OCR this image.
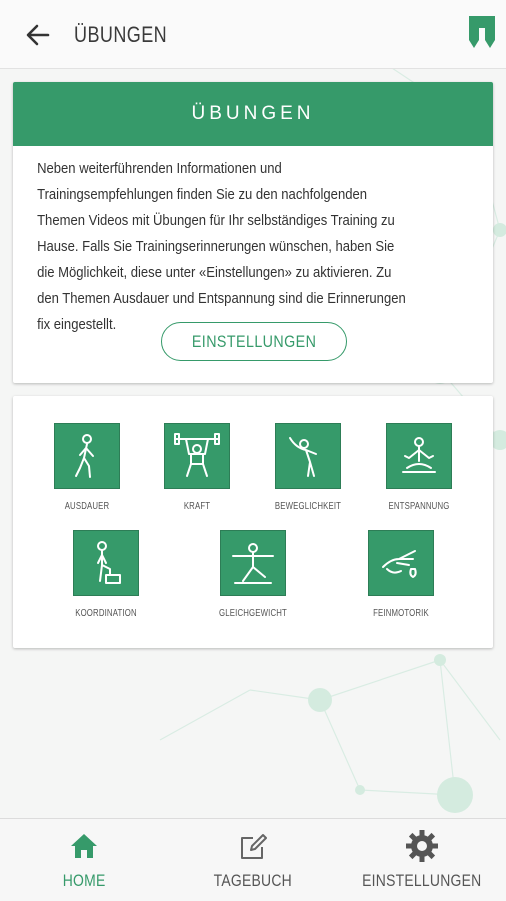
ÜBUNGEN
ÜBUNGEN
Neben weiterführenden Informationen und Trainingsempfehlungen finden Sie zu den nachfolgenden Themen Videos mit Übungen für Ihr selbständiges Training zu Hause. Falls Sie Trainingserinnerungen wünschen, haben Sie die Möglichkeit, diese unter «Einstellungen» zu aktivieren. Zu den Themen Ausdauer und Entspannung sind die Erinnerungen fix eingestellt.
EINSTELLUNGEN
AUSDAUER	KRAFT	BEWEGLICHKEIT	ENTSPANNUNG
KOORDINATION	GLEICHGEWICHT	FEINMOTORIK
HOME	TAGEBUCH	EINSTELLUNGEN
